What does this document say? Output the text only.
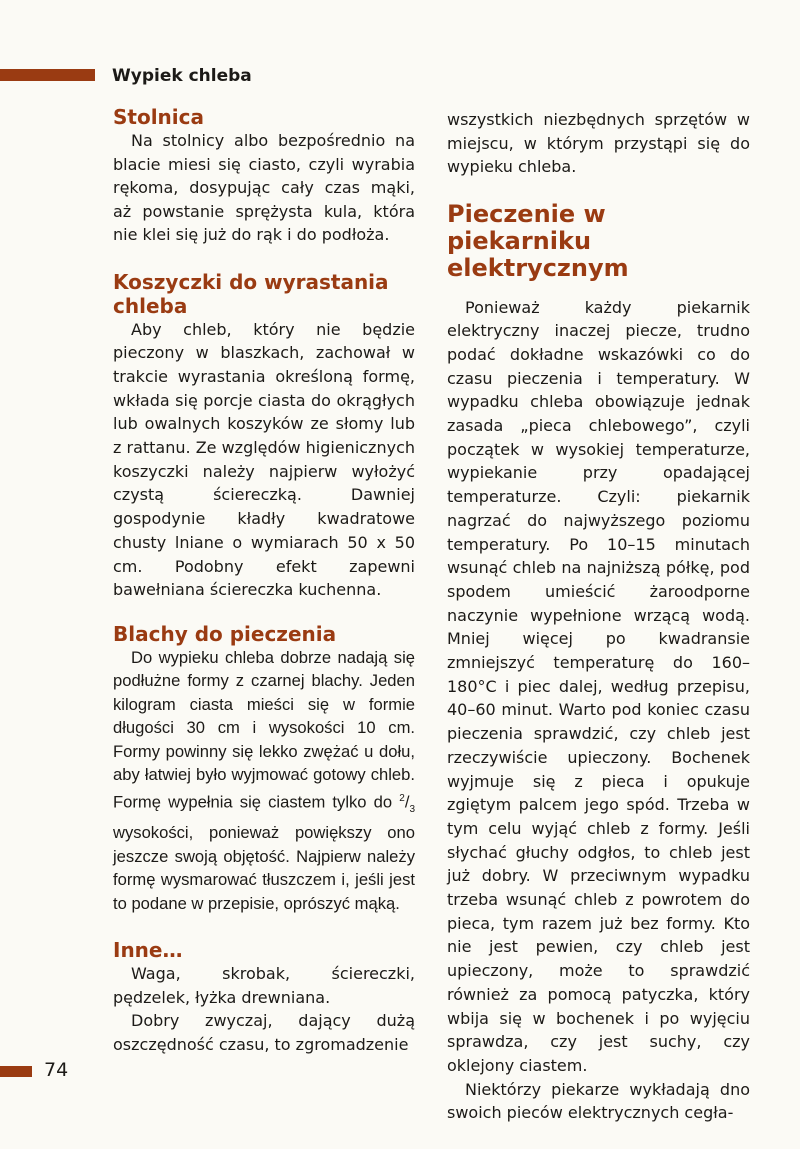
Wypiek chleba
Stolnica

Na stolnicy albo bezpośrednio na blacie miesi się ciasto, czyli wyrabia rękoma, dosypując cały czas mąki, aż powstanie sprężysta kula, która nie klei się już do rąk i do podłoża.

Koszyczki do wyrastania chleba

Aby chleb, który nie będzie pieczony w blaszkach, zachował w trakcie wyrastania określoną formę, wkłada się porcje ciasta do okrągłych lub owalnych koszyków ze słomy lub z rattanu. Ze względów higienicznych koszyczki należy najpierw wyłożyć czystą ściereczką. Dawniej gospodynie kładły kwadratowe chusty lniane o wymiarach 50 x 50 cm. Podobny efekt zapewni bawełniana ściereczka kuchenna.

Blachy do pieczenia

Do wypieku chleba dobrze nadają się podłużne formy z czarnej blachy. Jeden kilogram ciasta mieści się w formie długości 30 cm i wysokości 10 cm. Formy powinny się lekko zwężać u dołu, aby łatwiej było wyjmować gotowy chleb. Formę wypełnia się ciastem tylko do $^2/_3$ wysokości, ponieważ powiększy ono jeszcze swoją objętość. Najpierw należy formę wysmarować tłuszczem i, jeśli jest to podane w przepisie, oprószyć mąką.

Inne…

Waga, skrobak, ściereczki, pędzelek, łyżka drewniana.

Dobry zwyczaj, dający dużą oszczędność czasu, to zgromadzenie

wszystkich niezbędnych sprzętów w miejscu, w którym przystąpi się do wypieku chleba.

Pieczenie w piekarniku elektrycznym

Ponieważ każdy piekarnik elektryczny inaczej piecze, trudno podać dokładne wskazówki co do czasu pieczenia i temperatury. W wypadku chleba obowiązuje jednak zasada „pieca chlebowego”, czyli początek w wysokiej temperaturze, wypiekanie przy opadającej temperaturze. Czyli: piekarnik nagrzać do najwyższego poziomu temperatury. Po 10–15 minutach wsunąć chleb na najniższą półkę, pod spodem umieścić żaroodporne naczynie wypełnione wrzącą wodą. Mniej więcej po kwadransie zmniejszyć temperaturę do 160–180°C i piec dalej, według przepisu, 40–60 minut. Warto pod koniec czasu pieczenia sprawdzić, czy chleb jest rzeczywiście upieczony. Bochenek wyjmuje się z pieca i opukuje zgiętym palcem jego spód. Trzeba w tym celu wyjąć chleb z formy. Jeśli słychać głuchy odgłos, to chleb jest już dobry. W przeciwnym wypadku trzeba wsunąć chleb z powrotem do pieca, tym razem już bez formy. Kto nie jest pewien, czy chleb jest upieczony, może to sprawdzić również za pomocą patyczka, który wbija się w bochenek i po wyjęciu sprawdza, czy jest suchy, czy oklejony ciastem.

Niektórzy piekarze wykładają dno swoich pieców elektrycznych cegła-

74
